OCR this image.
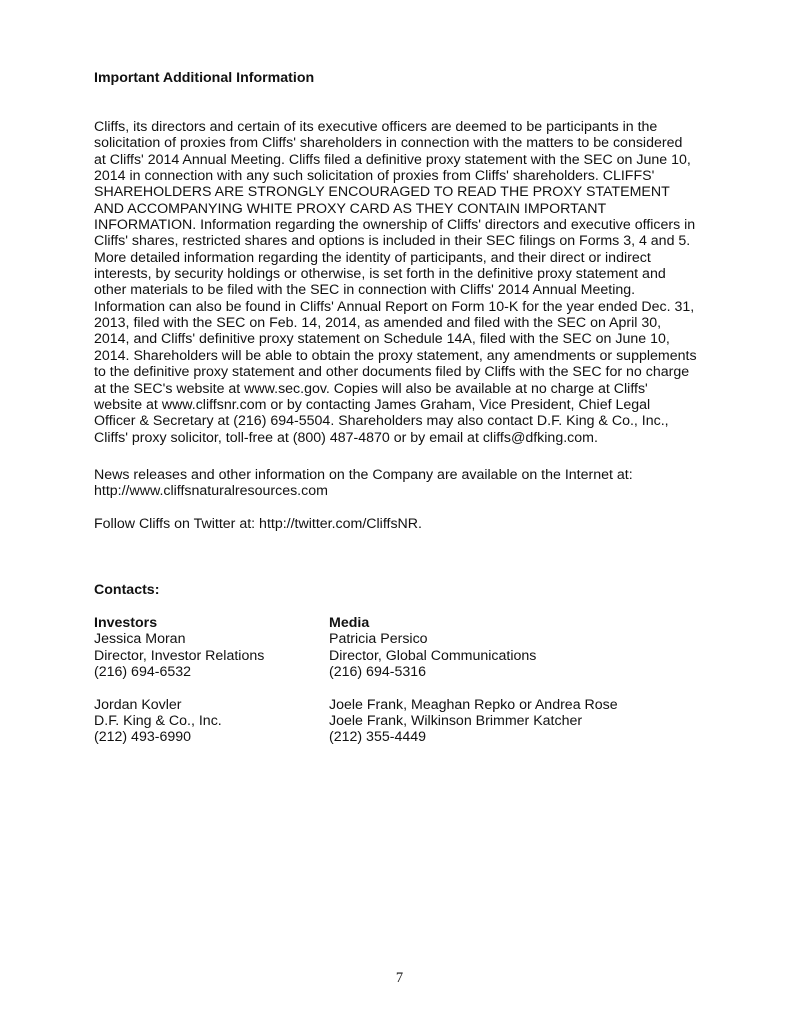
Important Additional Information
Cliffs, its directors and certain of its executive officers are deemed to be participants in the
solicitation of proxies from Cliffs' shareholders in connection with the matters to be considered
at Cliffs' 2014 Annual Meeting. Cliffs filed a definitive proxy statement with the SEC on June 10,
2014 in connection with any such solicitation of proxies from Cliffs' shareholders. CLIFFS'
SHAREHOLDERS ARE STRONGLY ENCOURAGED TO READ THE PROXY STATEMENT
AND ACCOMPANYING WHITE PROXY CARD AS THEY CONTAIN IMPORTANT
INFORMATION. Information regarding the ownership of Cliffs' directors and executive officers in
Cliffs' shares, restricted shares and options is included in their SEC filings on Forms 3, 4 and 5.
More detailed information regarding the identity of participants, and their direct or indirect
interests, by security holdings or otherwise, is set forth in the definitive proxy statement and
other materials to be filed with the SEC in connection with Cliffs' 2014 Annual Meeting.
Information can also be found in Cliffs' Annual Report on Form 10-K for the year ended Dec. 31,
2013, filed with the SEC on Feb. 14, 2014, as amended and filed with the SEC on April 30,
2014, and Cliffs' definitive proxy statement on Schedule 14A, filed with the SEC on June 10,
2014. Shareholders will be able to obtain the proxy statement, any amendments or supplements
to the definitive proxy statement and other documents filed by Cliffs with the SEC for no charge
at the SEC's website at www.sec.gov. Copies will also be available at no charge at Cliffs'
website at www.cliffsnr.com or by contacting James Graham, Vice President, Chief Legal
Officer & Secretary at (216) 694-5504. Shareholders may also contact D.F. King & Co., Inc.,
Cliffs' proxy solicitor, toll-free at (800) 487-4870 or by email at cliffs@dfking.com.
News releases and other information on the Company are available on the Internet at:
http://www.cliffsnaturalresources.com
Follow Cliffs on Twitter at: http://twitter.com/CliffsNR.
Contacts:
Investors
Jessica Moran
Director, Investor Relations
(216) 694-6532
Jordan Kovler
D.F. King & Co., Inc.
(212) 493-6990
Media
Patricia Persico
Director, Global Communications
(216) 694-5316
Joele Frank, Meaghan Repko or Andrea Rose
Joele Frank, Wilkinson Brimmer Katcher
(212) 355-4449
7
